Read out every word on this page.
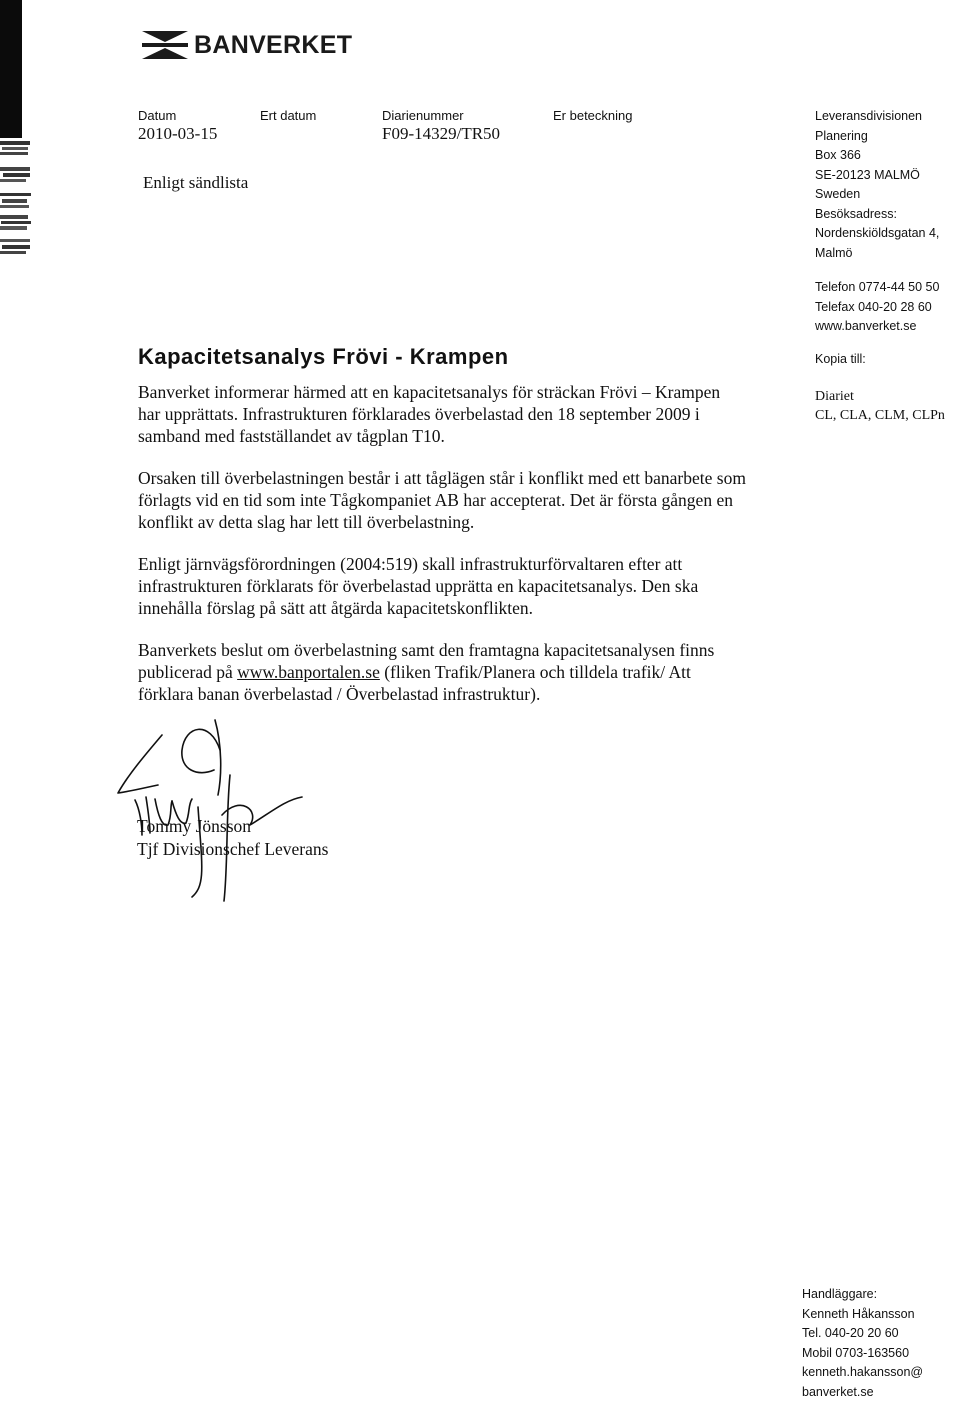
BANVERKET
Datum
2010-03-15
Ert datum	Diarienummer
F09-14329/TR50
Er beteckning
Enligt sändlista
Leveransdivisionen
Planering
Box 366
SE-20123 MALMÖ
Sweden
Besöksadress:
Nordenskiöldsgatan 4,
Malmö
Telefon 0774-44 50 50
Telefax 040-20 28 60
www.banverket.se
Kopia till:
Diariet
CL, CLA, CLM, CLPn
Kapacitetsanalys Frövi - Krampen

Banverket informerar härmed att en kapacitetsanalys för sträckan Frövi – Krampen har upprättats. Infrastrukturen förklarades överbelastad den 18 september 2009 i samband med fastställandet av tågplan T10.

Orsaken till överbelastningen består i att tåglägen står i konflikt med ett banarbete som förlagts vid en tid som inte Tågkompaniet AB har accepterat. Det är första gången en konflikt av detta slag har lett till överbelastning.

Enligt järnvägsförordningen (2004:519) skall infrastrukturförvaltaren efter att infrastrukturen förklarats för överbelastad upprätta en kapacitetsanalys. Den ska innehålla förslag på sätt att åtgärda kapacitetskonflikten.

Banverkets beslut om överbelastning samt den framtagna kapacitetsanalysen finns publicerad på www.banportalen.se (fliken Trafik/Planera och tilldela trafik/ Att förklara banan överbelastad / Överbelastad infrastruktur).

Tommy Jönsson
Tjf Divisionschef Leverans
Handläggare:
Kenneth Håkansson
Tel. 040-20 20 60
Mobil 0703-163560
kenneth.hakansson@
banverket.se
